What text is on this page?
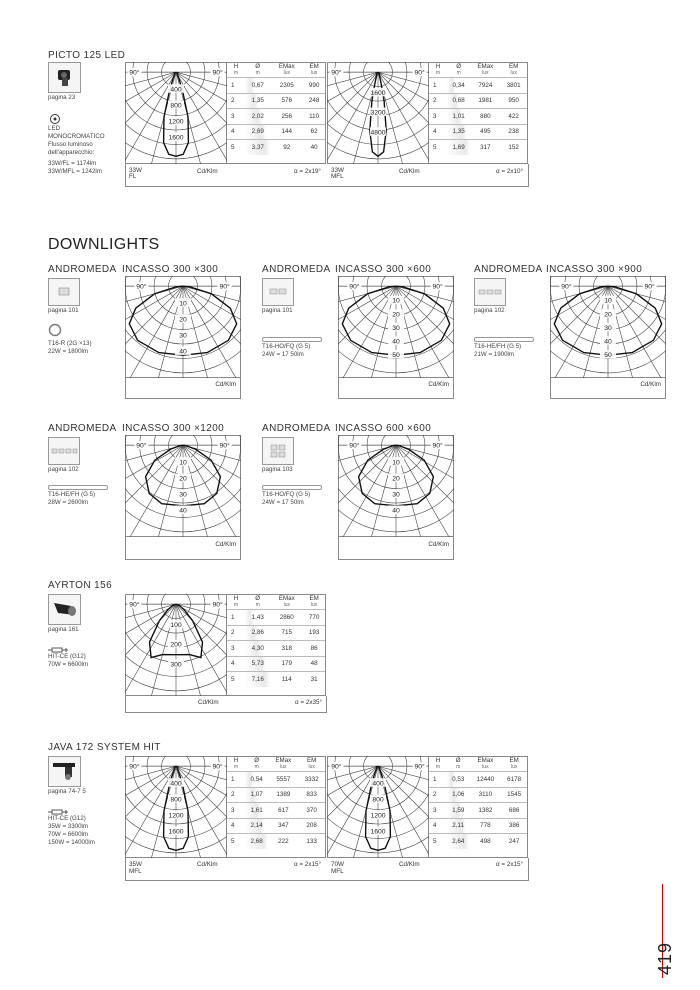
PICTO 125 LED
pagina 23
LED
MONOCROMATICO
Flusso luminoso
dell'apparecchio:
33W/FL = 1174lm
33W/MFL = 1242lm
400
800
1200
1600
90°	90°
H
m	Ø
m	EMax
lux	EM
lux

1	0,67	2305	990
2	1,35	576	248
3	2,02	256	110
4	2,69	144	62
5	3,37	92	40
33W
FL
Cd/Klm	α = 2x19°
1600
3200
4800
90°	90°
H
m	Ø
m	EMax
lux	EM
lux

1	0,34	7924	3801
2	0,68	1981	950
3	1,01	880	422
4	1,35	495	238
5	1,69	317	152
33W
MFL
Cd/Klm	α = 2x10°
DOWNLIGHTS
ANDROMEDA INCASSO 300 ×300
pagina 101
T16-R (2G ×13)
22W = 1800lm
10
20
30
40
90°	90°
Cd/Klm
ANDROMEDA INCASSO 300 ×600
pagina 101
T16-HO/FQ (G 5)
24W = 17 50lm
10
20
30
40
50
90°	90°
Cd/Klm
ANDROMEDA INCASSO 300 ×900
pagina 102
T16-HE/FH (G 5)
21W = 1900lm
10
20
30
40
50
90°	90°
Cd/Klm
ANDROMEDA INCASSO 300 ×1200
pagina 102
T16-HE/FH (G 5)
28W = 2600lm
10
20
30
40
90°	90°
Cd/Klm
ANDROMEDA INCASSO 600 ×600
pagina 103
T16-HO/FQ (G 5)
24W = 17 50lm
10
20
30
40
90°	90°
Cd/Klm
AYRTON 156
pagina 161
HIT-CE (G12)
70W = 6600lm
100
200
300
90°	90°
H
m	Ø
m	EMax
lux	EM
lux

1	1,43	2860	770
2	2,86	715	193
3	4,30	318	86
4	5,73	179	48
5	7,16	114	31
Cd/Klm	α = 2x35°
JAVA 172 SYSTEM HIT
pagina 74-7 5
HIT-CE (G12)
35W = 3300lm
70W = 6600lm
150W = 14000lm
400
800
1200
1600
90°	90°
H
m	Ø
m	EMax
lux	EM
lux

1	0,54	5557	3332
2	1,07	1389	833
3	1,61	617	370
4	2,14	347	208
5	2,68	222	133
35W
MFL
Cd/Klm	α = 2x15°
400
800
1200
1600
90°	90°
H
m	Ø
m	EMax
lux	EM
lux

1	0,53	12440	6178
2	1,06	3110	1545
3	1,59	1382	686
4	2,11	778	386
5	2,64	498	247
70W
MFL
Cd/Klm	α = 2x15°
419
